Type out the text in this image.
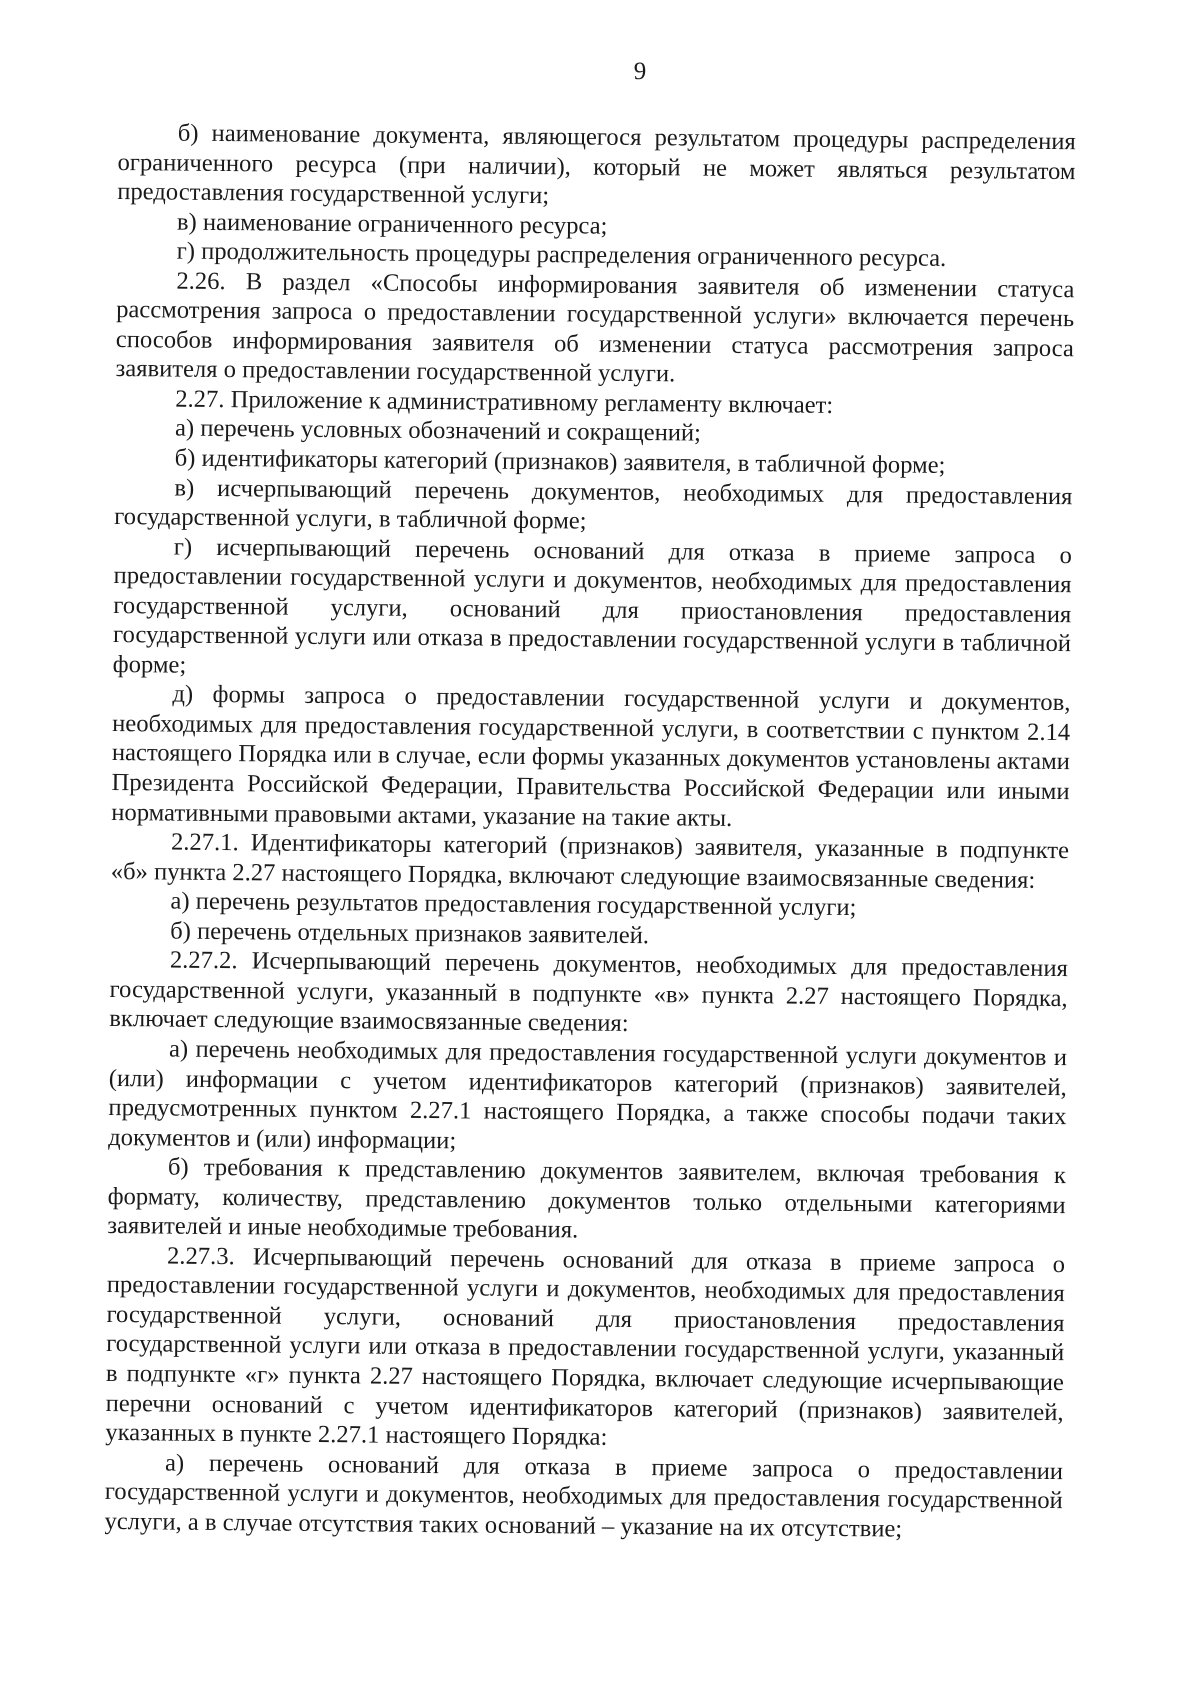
9

б) наименование документа, являющегося результатом процедуры распределения ограниченного ресурса (при наличии), который не может являться результатом предоставления государственной услуги;

в) наименование ограниченного ресурса;

г) продолжительность процедуры распределения ограниченного ресурса.

2.26. В раздел «Способы информирования заявителя об изменении статуса рассмотрения запроса о предоставлении государственной услуги» включается перечень способов информирования заявителя об изменении статуса рассмотрения запроса заявителя о предоставлении государственной услуги.

2.27. Приложение к административному регламенту включает:

а) перечень условных обозначений и сокращений;

б) идентификаторы категорий (признаков) заявителя, в табличной форме;

в) исчерпывающий перечень документов, необходимых для предоставления государственной услуги, в табличной форме;

г) исчерпывающий перечень оснований для отказа в приеме запроса о предоставлении государственной услуги и документов, необходимых для предоставления государственной услуги, оснований для приостановления предоставления государственной услуги или отказа в предоставлении государственной услуги в табличной форме;

д) формы запроса о предоставлении государственной услуги и документов, необходимых для предоставления государственной услуги, в соответствии с пунктом 2.14 настоящего Порядка или в случае, если формы указанных документов установлены актами Президента Российской Федерации, Правительства Российской Федерации или иными нормативными правовыми актами, указание на такие акты.

2.27.1. Идентификаторы категорий (признаков) заявителя, указанные в подпункте «б» пункта 2.27 настоящего Порядка, включают следующие взаимосвязанные сведения:

а) перечень результатов предоставления государственной услуги;

б) перечень отдельных признаков заявителей.

2.27.2. Исчерпывающий перечень документов, необходимых для предоставления государственной услуги, указанный в подпункте «в» пункта 2.27 настоящего Порядка, включает следующие взаимосвязанные сведения:

а) перечень необходимых для предоставления государственной услуги документов и (или) информации с учетом идентификаторов категорий (признаков) заявителей, предусмотренных пунктом 2.27.1 настоящего Порядка, а также способы подачи таких документов и (или) информации;

б) требования к представлению документов заявителем, включая требования к формату, количеству, представлению документов только отдельными категориями заявителей и иные необходимые требования.

2.27.3. Исчерпывающий перечень оснований для отказа в приеме запроса о предоставлении государственной услуги и документов, необходимых для предоставления государственной услуги, оснований для приостановления предоставления государственной услуги или отказа в предоставлении государственной услуги, указанный в подпункте «г» пункта 2.27 настоящего Порядка, включает следующие исчерпывающие перечни оснований с учетом идентификаторов категорий (признаков) заявителей, указанных в пункте 2.27.1 настоящего Порядка:

а) перечень оснований для отказа в приеме запроса о предоставлении государственной услуги и документов, необходимых для предоставления государственной услуги, а в случае отсутствия таких оснований – указание на их отсутствие;
